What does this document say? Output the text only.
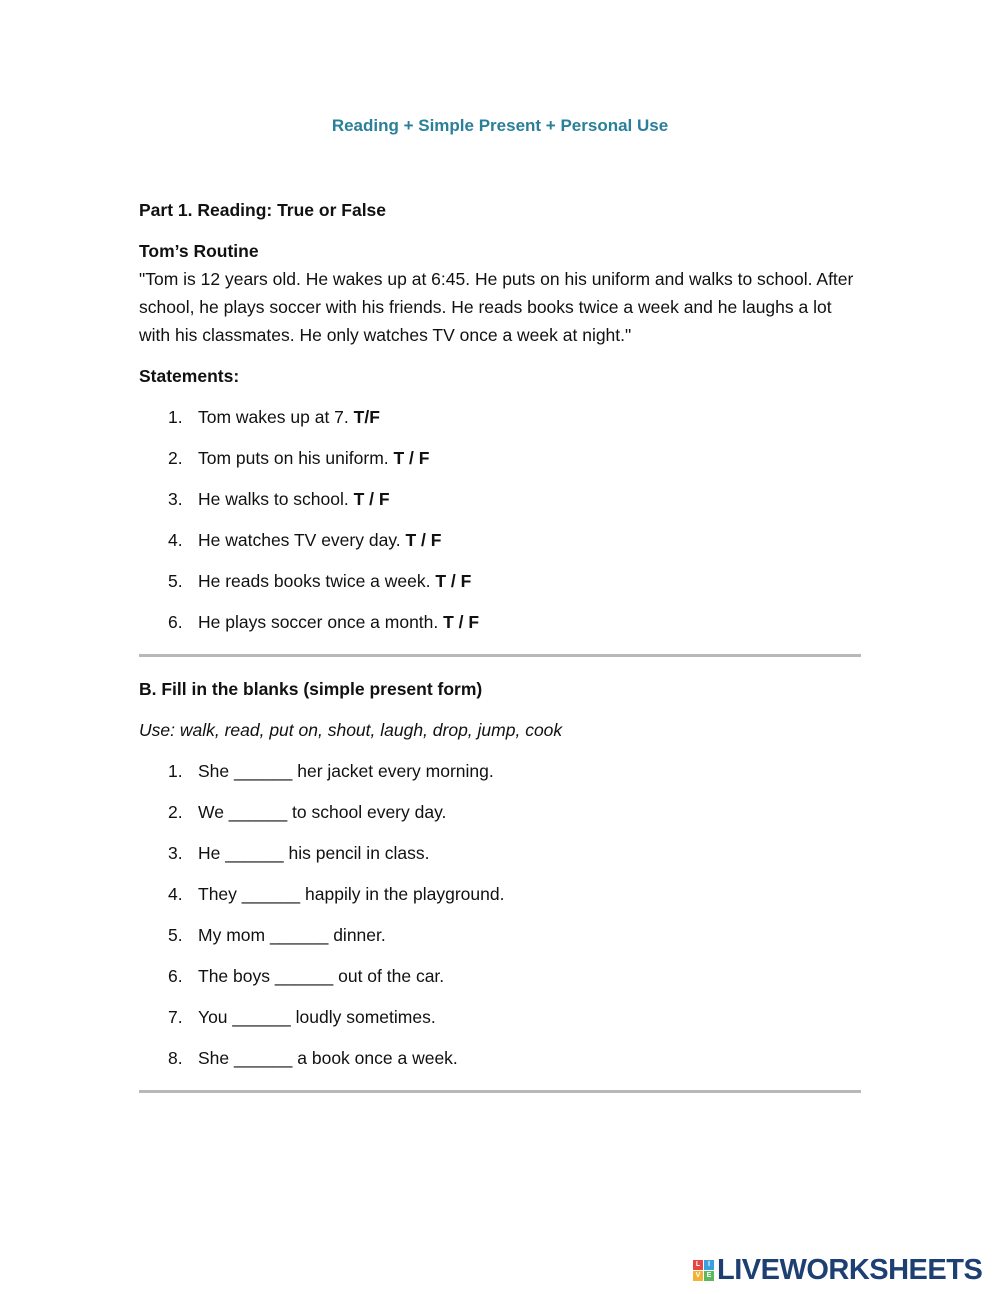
Reading + Simple Present + Personal Use

Part 1. Reading: True or False

Tom’s Routine

"Tom is 12 years old. He wakes up at 6:45. He puts on his uniform and walks to school. After school, he plays soccer with his friends. He reads books twice a week and he laughs a lot with his classmates. He only watches TV once a week at night."

Statements:

1. Tom wakes up at 7. T/F
2. Tom puts on his uniform. T / F
3. He walks to school. T / F
4. He watches TV every day. T / F
5. He reads books twice a week. T / F
6. He plays soccer once a month. T / F

B. Fill in the blanks (simple present form)

Use: walk, read, put on, shout, laugh, drop, jump, cook

1. She ______ her jacket every morning.
2. We ______ to school every day.
3. He ______ his pencil in class.
4. They ______ happily in the playground.
5. My mom ______ dinner.
6. The boys ______ out of the car.
7. You ______ loudly sometimes.
8. She ______ a book once a week.
L	I
V E LIVEWORKSHEETS
